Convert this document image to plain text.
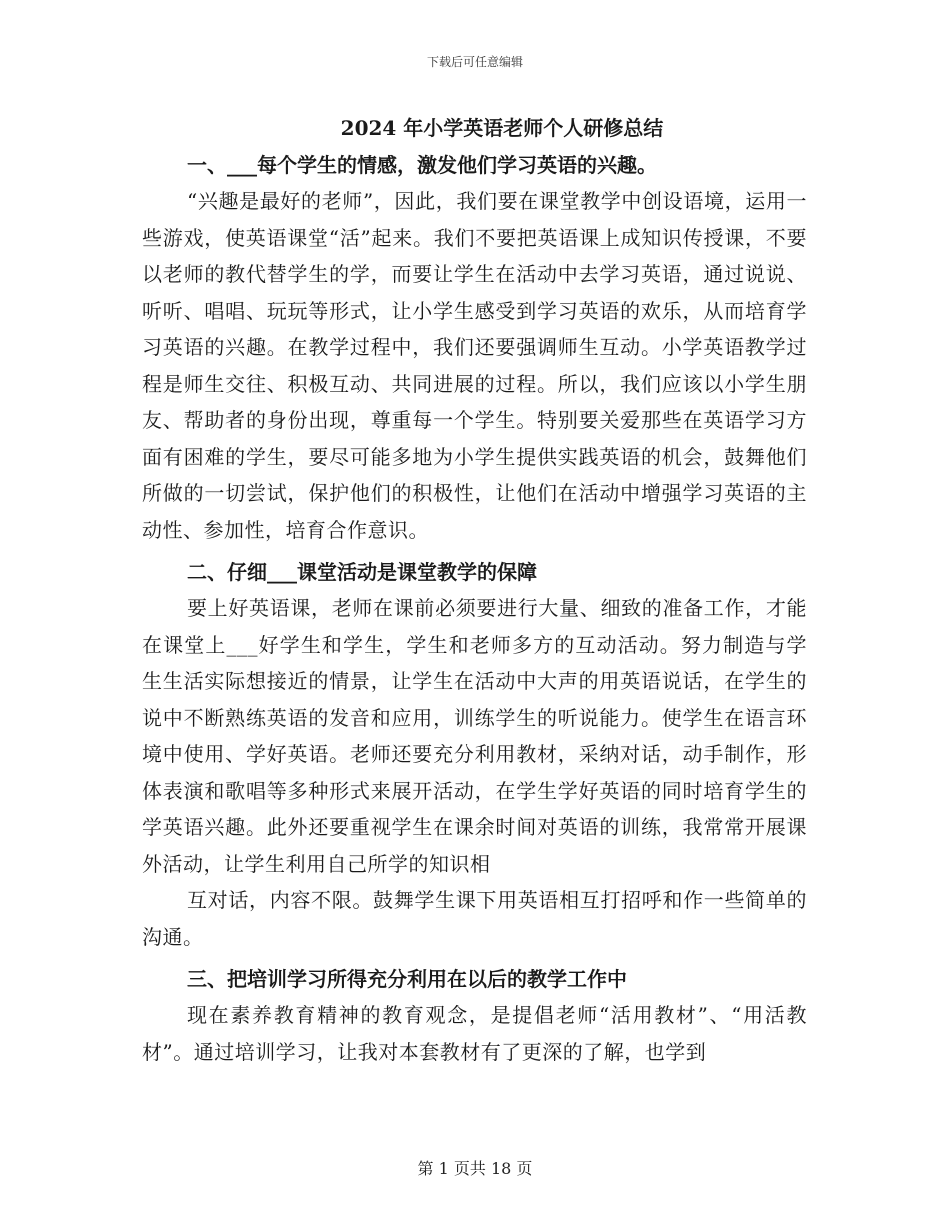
下载后可任意编辑
2024 年小学英语老师个人研修总结
一、___每个学生的情感，激发他们学习英语的兴趣。

“兴趣是最好的老师”，因此，我们要在课堂教学中创设语境，运用一些游戏，使英语课堂“活”起来。我们不要把英语课上成知识传授课，不要以老师的教代替学生的学，而要让学生在活动中去学习英语，通过说说、听听、唱唱、玩玩等形式，让小学生感受到学习英语的欢乐，从而培育学习英语的兴趣。在教学过程中，我们还要强调师生互动。小学英语教学过程是师生交往、积极互动、共同进展的过程。所以，我们应该以小学生朋友、帮助者的身份出现，尊重每一个学生。特别要关爱那些在英语学习方面有困难的学生，要尽可能多地为小学生提供实践英语的机会，鼓舞他们所做的一切尝试，保护他们的积极性，让他们在活动中增强学习英语的主动性、参加性，培育合作意识。

二、仔细___课堂活动是课堂教学的保障

要上好英语课，老师在课前必须要进行大量、细致的准备工作，才能在课堂上___好学生和学生，学生和老师多方的互动活动。努力制造与学生生活实际想接近的情景，让学生在活动中大声的用英语说话，在学生的说中不断熟练英语的发音和应用，训练学生的听说能力。使学生在语言环境中使用、学好英语。老师还要充分利用教材，采纳对话，动手制作，形体表演和歌唱等多种形式来展开活动，在学生学好英语的同时培育学生的学英语兴趣。此外还要重视学生在课余时间对英语的训练，我常常开展课外活动，让学生利用自己所学的知识相

互对话，内容不限。鼓舞学生课下用英语相互打招呼和作一些简单的沟通。

三、把培训学习所得充分利用在以后的教学工作中

现在素养教育精神的教育观念，是提倡老师“活用教材”、“用活教材”。通过培训学习，让我对本套教材有了更深的了解，也学到

第 1 页共 18 页
